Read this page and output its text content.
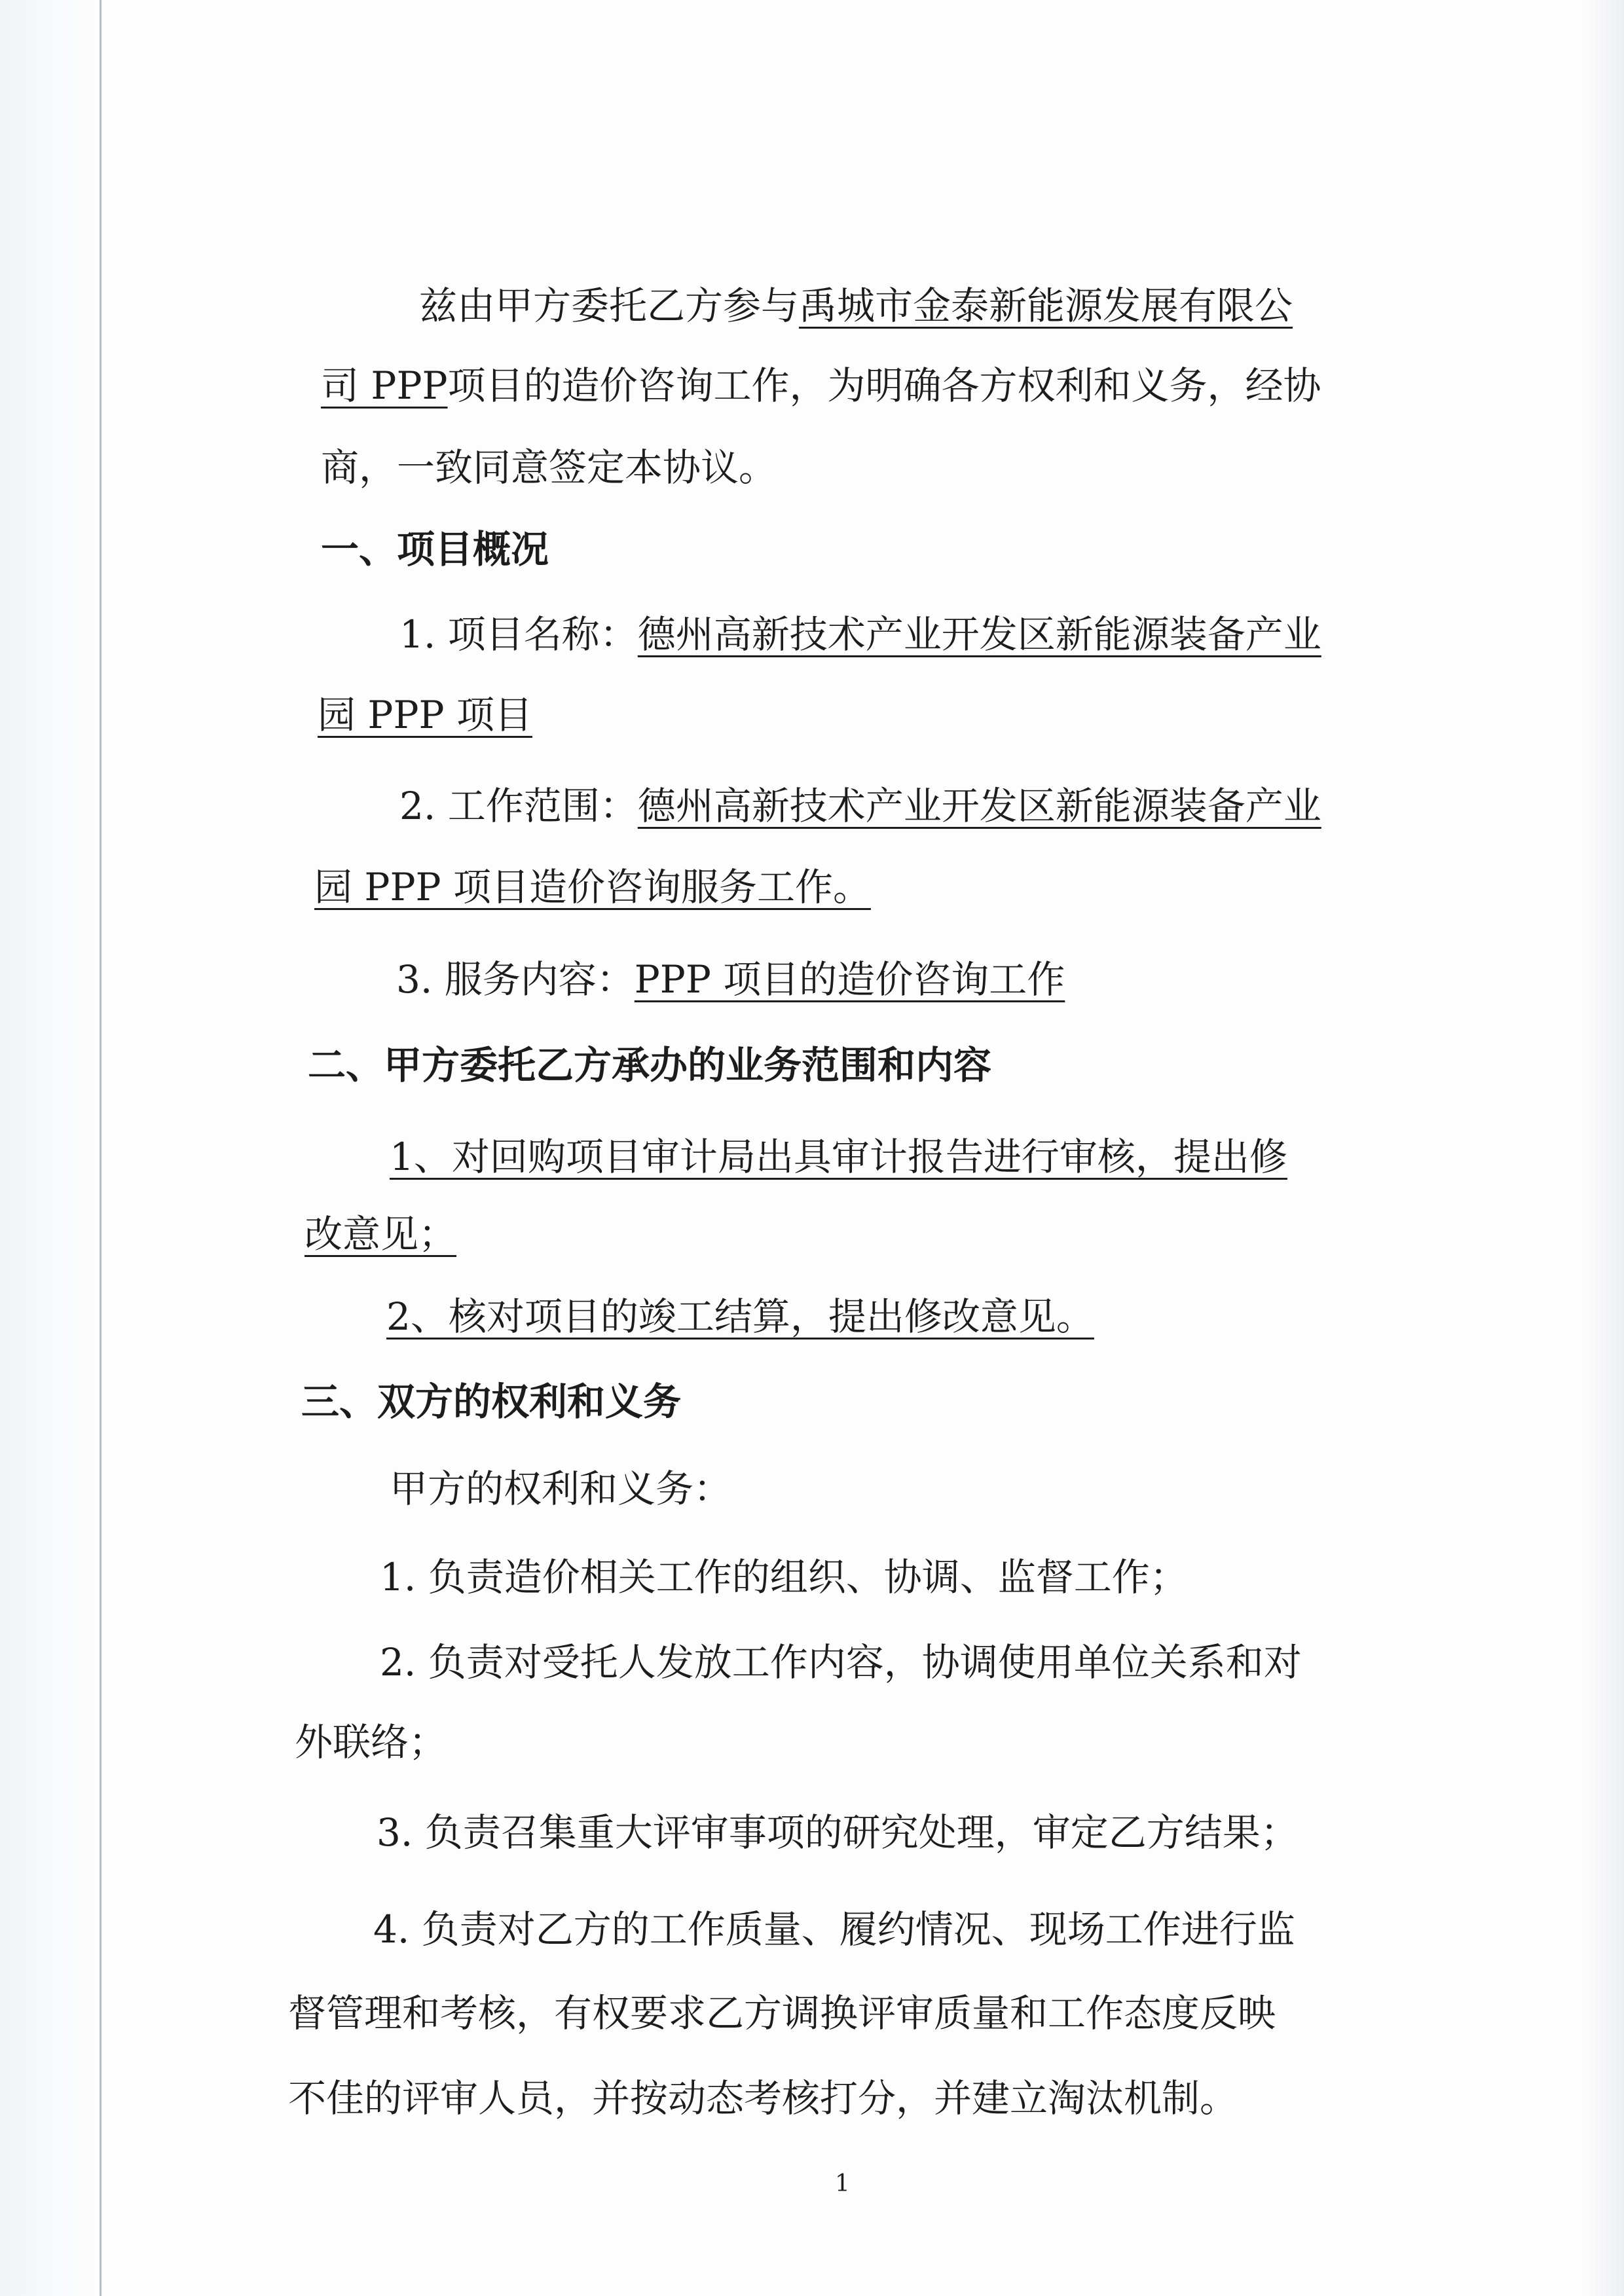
兹由甲方委托乙方参与禹城市金泰新能源发展有限公
司 PPP项目的造价咨询工作，为明确各方权利和义务，经协
商，一致同意签定本协议。
一、项目概况
1. 项目名称：德州高新技术产业开发区新能源装备产业
园 PPP 项目
2. 工作范围：德州高新技术产业开发区新能源装备产业
园 PPP 项目造价咨询服务工作。
3. 服务内容：PPP 项目的造价咨询工作
二、甲方委托乙方承办的业务范围和内容
1、对回购项目审计局出具审计报告进行审核，提出修
改意见；
2、核对项目的竣工结算，提出修改意见。
三、双方的权利和义务
甲方的权利和义务：
1. 负责造价相关工作的组织、协调、监督工作；
2. 负责对受托人发放工作内容，协调使用单位关系和对
外联络；
3. 负责召集重大评审事项的研究处理，审定乙方结果；
4. 负责对乙方的工作质量、履约情况、现场工作进行监
督管理和考核，有权要求乙方调换评审质量和工作态度反映
不佳的评审人员，并按动态考核打分，并建立淘汰机制。
1
